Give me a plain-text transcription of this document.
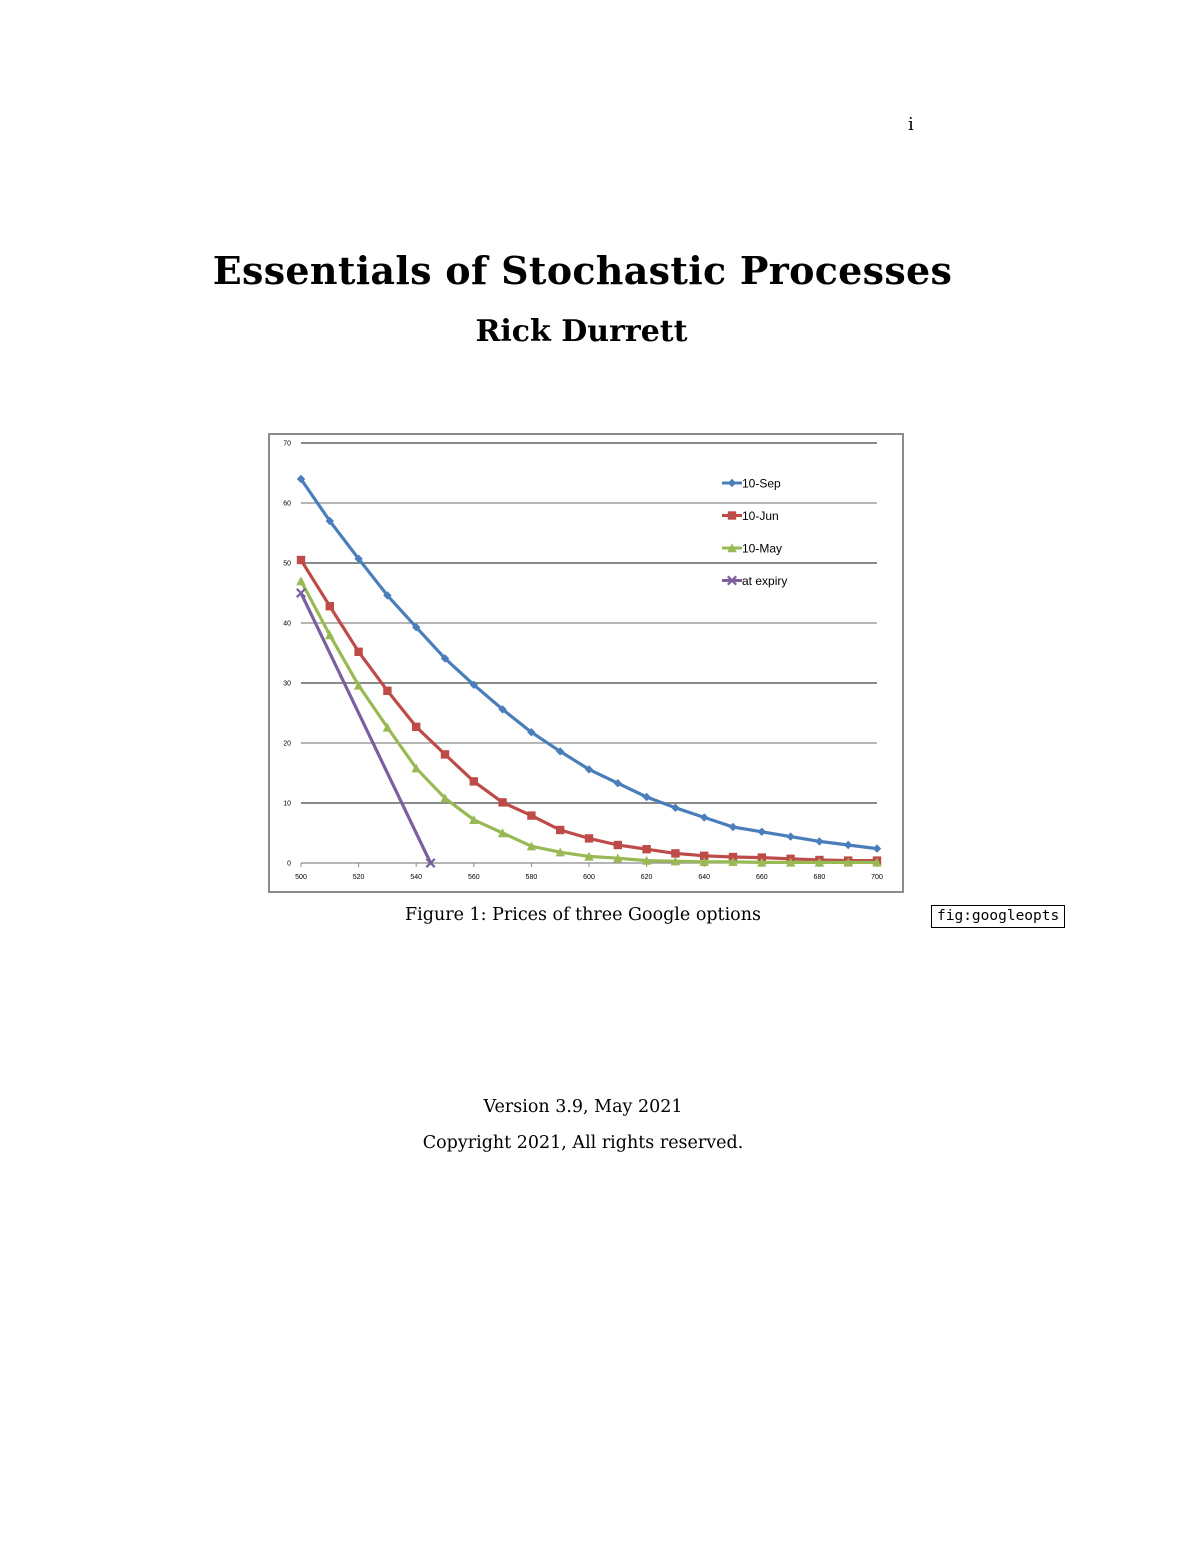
i
Essentials of Stochastic Processes
Rick Durrett
0
10
20
30
40
50
60
70
500	520	540	560	580	600	620	640	660	680	700
10-Sep
10-Jun
10-May
at expiry
Figure 1: Prices of three Google options	fig:googleopts
Version 3.9, May 2021
Copyright 2021, All rights reserved.
